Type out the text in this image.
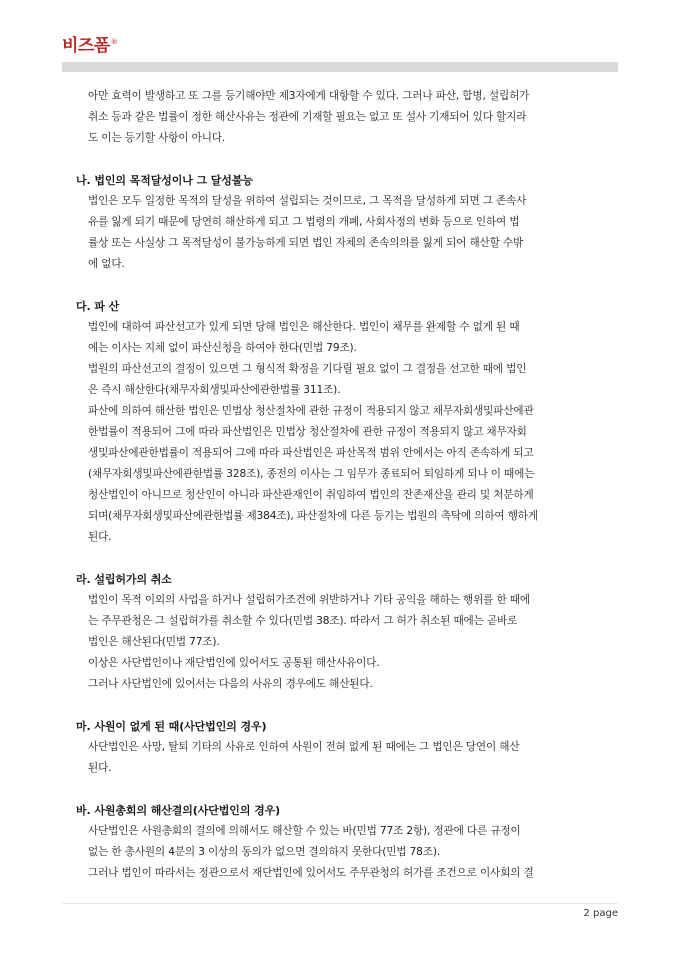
비즈폼 ®
아만 효력이 발생하고 또 그를 등기해야만 제3자에게 대항할 수 있다. 그러나 파산, 합병, 설립허가
취소 등과 같은 법률이 정한 해산사유는 정관에 기재할 필요는 없고 또 설사 기재되어 있다 할지라
도 이는 등기할 사항이 아니다.
나. 법인의 목적달성이나 그 달성불능
법인은 모두 일정한 목적의 달성을 위하여 설립되는 것이므로, 그 목적을 달성하게 되면 그 존속사
유를 잃게 되기 때문에 당연히 해산하게 되고 그 법령의 개폐, 사회사정의 변화 등으로 인하여 법
률상 또는 사실상 그 목적달성이 불가능하게 되면 법인 자체의 존속의의를 잃게 되어 해산할 수밖
에 없다.
다. 파 산
법인에 대하여 파산선고가 있게 되면 당해 법인은 해산한다. 법인이 채무를 완제할 수 없게 된 때
에는 이사는 지체 없이 파산신청을 하여야 한다(민법 79조).
법원의 파산선고의 결정이 있으면 그 형식적 확정을 기다릴 필요 없이 그 결정을 선고한 때에 법인
은 즉시 해산한다(채무자회생및파산에관한법률 311조).
파산에 의하여 해산한 법인은 민법상 청산절차에 관한 규정이 적용되지 않고 채무자회생및파산에관
한법률이 적용되어 그에 따라 파산법인은 민법상 청산절차에 관한 규정이 적용되지 않고 채무자회
생및파산에관한법률이 적용되어 그에 따라 파산법인은 파산목적 범위 안에서는 아직 존속하게 되고
(채무자회생및파산에관한법률 328조), 종전의 이사는 그 임무가 종료되어 퇴임하게 되나 이 때에는
청산법인이 아니므로 청산인이 아니라 파산관재인이 취임하여 법인의 잔존재산을 관리 및 처분하게
되며(채무자회생및파산에관한법률 제384조), 파산절차에 다른 등기는 법원의 촉탁에 의하여 행하게
된다.
라. 설립허가의 취소
법인이 목적 이외의 사업을 하거나 설립허가조건에 위반하거나 기타 공익을 해하는 행위를 한 때에
는 주무관청은 그 설립허가를 취소할 수 있다(민법 38조). 따라서 그 허가 취소된 때에는 곧바로
법인은 해산된다(민법 77조).
이상은 사단법인이나 재단법인에 있어서도 공통된 해산사유이다.
그러나 사단법인에 있어서는 다음의 사유의 경우에도 해산된다.
마. 사원이 없게 된 때(사단법인의 경우)
사단법인은 사망, 탈퇴 기타의 사유로 인하여 사원이 전혀 없게 된 때에는 그 법인은 당연이 해산
된다.
바. 사원총회의 해산결의(사단법인의 경우)
사단법인은 사원총회의 결의에 의해서도 해산할 수 있는 바(민법 77조 2항), 정관에 다른 규정이
없는 한 총사원의 4분의 3 이상의 동의가 없으면 결의하지 못한다(민법 78조).
그러나 법인이 따라서는 정관으로서 재단법인에 있어서도 주무관청의 허가를 조건으로 이사회의 결
2 page
